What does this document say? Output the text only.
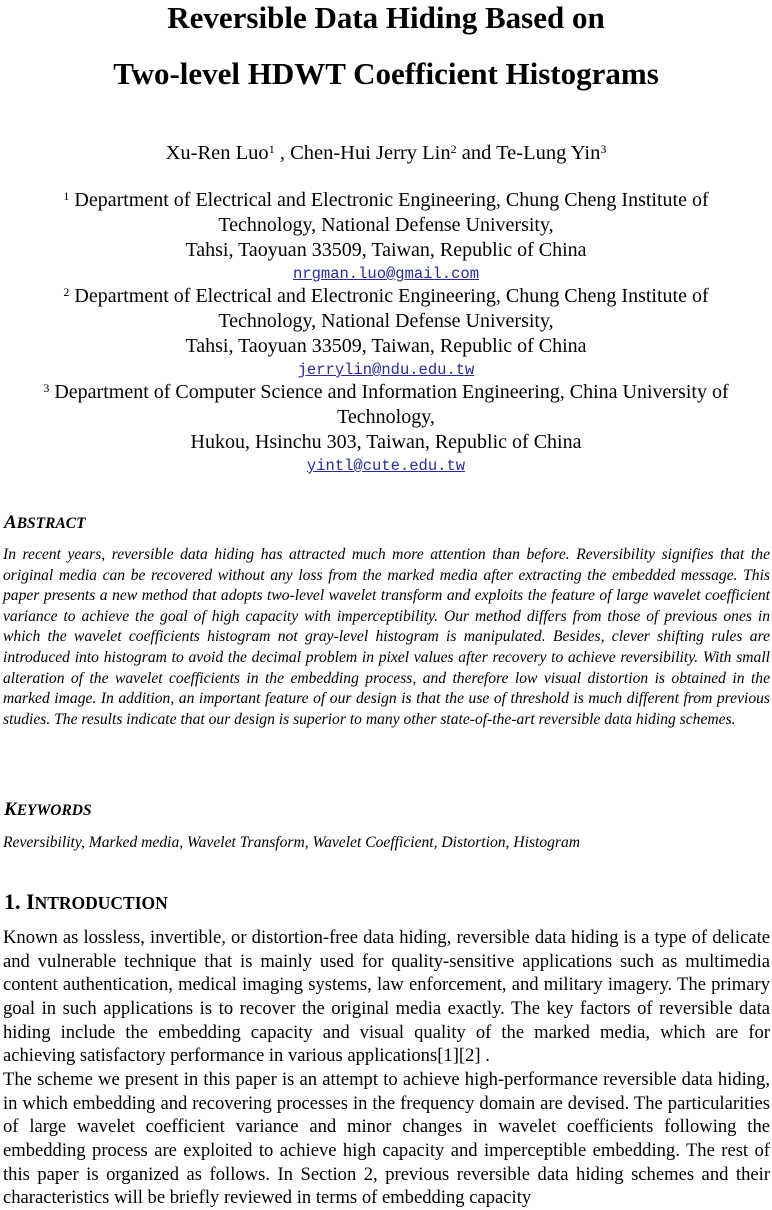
Reversible Data Hiding Based on
Two-level HDWT Coefficient Histograms
Xu-Ren Luo$^1$ , Chen-Hui Jerry Lin$^2$ and Te-Lung Yin$^3$
$^1$ Department of Electrical and Electronic Engineering, Chung Cheng Institute of
Technology, National Defense University,
Tahsi, Taoyuan 33509, Taiwan, Republic of China
nrgman.luo@gmail.com
$^2$ Department of Electrical and Electronic Engineering, Chung Cheng Institute of
Technology, National Defense University,
Tahsi, Taoyuan 33509, Taiwan, Republic of China
jerrylin@ndu.edu.tw
$^3$ Department of Computer Science and Information Engineering, China University of
Technology,
Hukou, Hsinchu 303, Taiwan, Republic of China
yintl@cute.edu.tw
ABSTRACT
In recent years, reversible data hiding has attracted much more attention than before. Reversibility signifies that the original media can be recovered without any loss from the marked media after extracting the embedded message. This paper presents a new method that adopts two-level wavelet transform and exploits the feature of large wavelet coefficient variance to achieve the goal of high capacity with imperceptibility. Our method differs from those of previous ones in which the wavelet coefficients histogram not gray-level histogram is manipulated. Besides, clever shifting rules are introduced into histogram to avoid the decimal problem in pixel values after recovery to achieve reversibility. With small alteration of the wavelet coefficients in the embedding process, and therefore low visual distortion is obtained in the marked image. In addition, an important feature of our design is that the use of threshold is much different from previous studies. The results indicate that our design is superior to many other state-of-the-art reversible data hiding schemes.
KEYWORDS
Reversibility, Marked media, Wavelet Transform, Wavelet Coefficient, Distortion, Histogram
1. INTRODUCTION

Known as lossless, invertible, or distortion-free data hiding, reversible data hiding is a type of delicate and vulnerable technique that is mainly used for quality-sensitive applications such as multimedia content authentication, medical imaging systems, law enforcement, and military imagery. The primary goal in such applications is to recover the original media exactly. The key factors of reversible data hiding include the embedding capacity and visual quality of the marked media, which are for achieving satisfactory performance in various applications[1][2] .

The scheme we present in this paper is an attempt to achieve high-performance reversible data hiding, in which embedding and recovering processes in the frequency domain are devised. The particularities of large wavelet coefficient variance and minor changes in wavelet coefficients following the embedding process are exploited to achieve high capacity and imperceptible embedding. The rest of this paper is organized as follows. In Section 2, previous reversible data hiding schemes and their characteristics will be briefly reviewed in terms of embedding capacity
